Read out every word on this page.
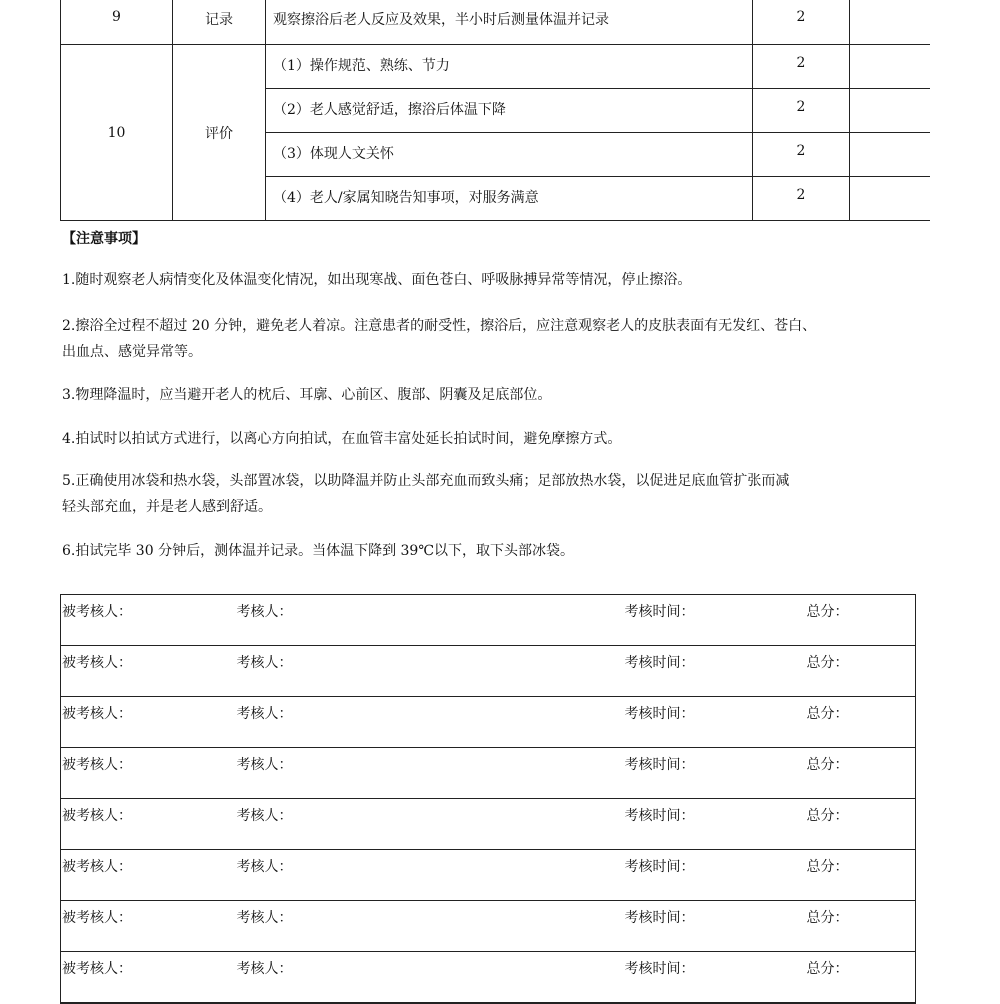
9	记录	观察擦浴后老人反应及效果，半小时后测量体温并记录	2	
10	评价	（1）操作规范、熟练、节力	2	
		（2）老人感觉舒适，擦浴后体温下降	2	
		（3）体现人文关怀	2	
		（4）老人/家属知晓告知事项，对服务满意	2	
【注意事项】
1.随时观察老人病情变化及体温变化情况，如出现寒战、面色苍白、呼吸脉搏异常等情况，停止擦浴。
2.擦浴全过程不超过 20 分钟，避免老人着凉。注意患者的耐受性，擦浴后，应注意观察老人的皮肤表面有无发红、苍白、
出血点、感觉异常等。
3.物理降温时，应当避开老人的枕后、耳廓、心前区、腹部、阴囊及足底部位。
4.拍试时以拍试方式进行，以离心方向拍试，在血管丰富处延长拍试时间，避免摩擦方式。
5.正确使用冰袋和热水袋，头部置冰袋，以助降温并防止头部充血而致头痛；足部放热水袋，以促进足底血管扩张而减
轻头部充血，并是老人感到舒适。
6.拍试完毕 30 分钟后，测体温并记录。当体温下降到 39℃以下，取下头部冰袋。
被考核人：	考核人：	考核时间：	总分：
被考核人：	考核人：	考核时间：	总分：
被考核人：	考核人：	考核时间：	总分：
被考核人：	考核人：	考核时间：	总分：
被考核人：	考核人：	考核时间：	总分：
被考核人：	考核人：	考核时间：	总分：
被考核人：	考核人：	考核时间：	总分：
被考核人：	考核人：	考核时间：	总分：
